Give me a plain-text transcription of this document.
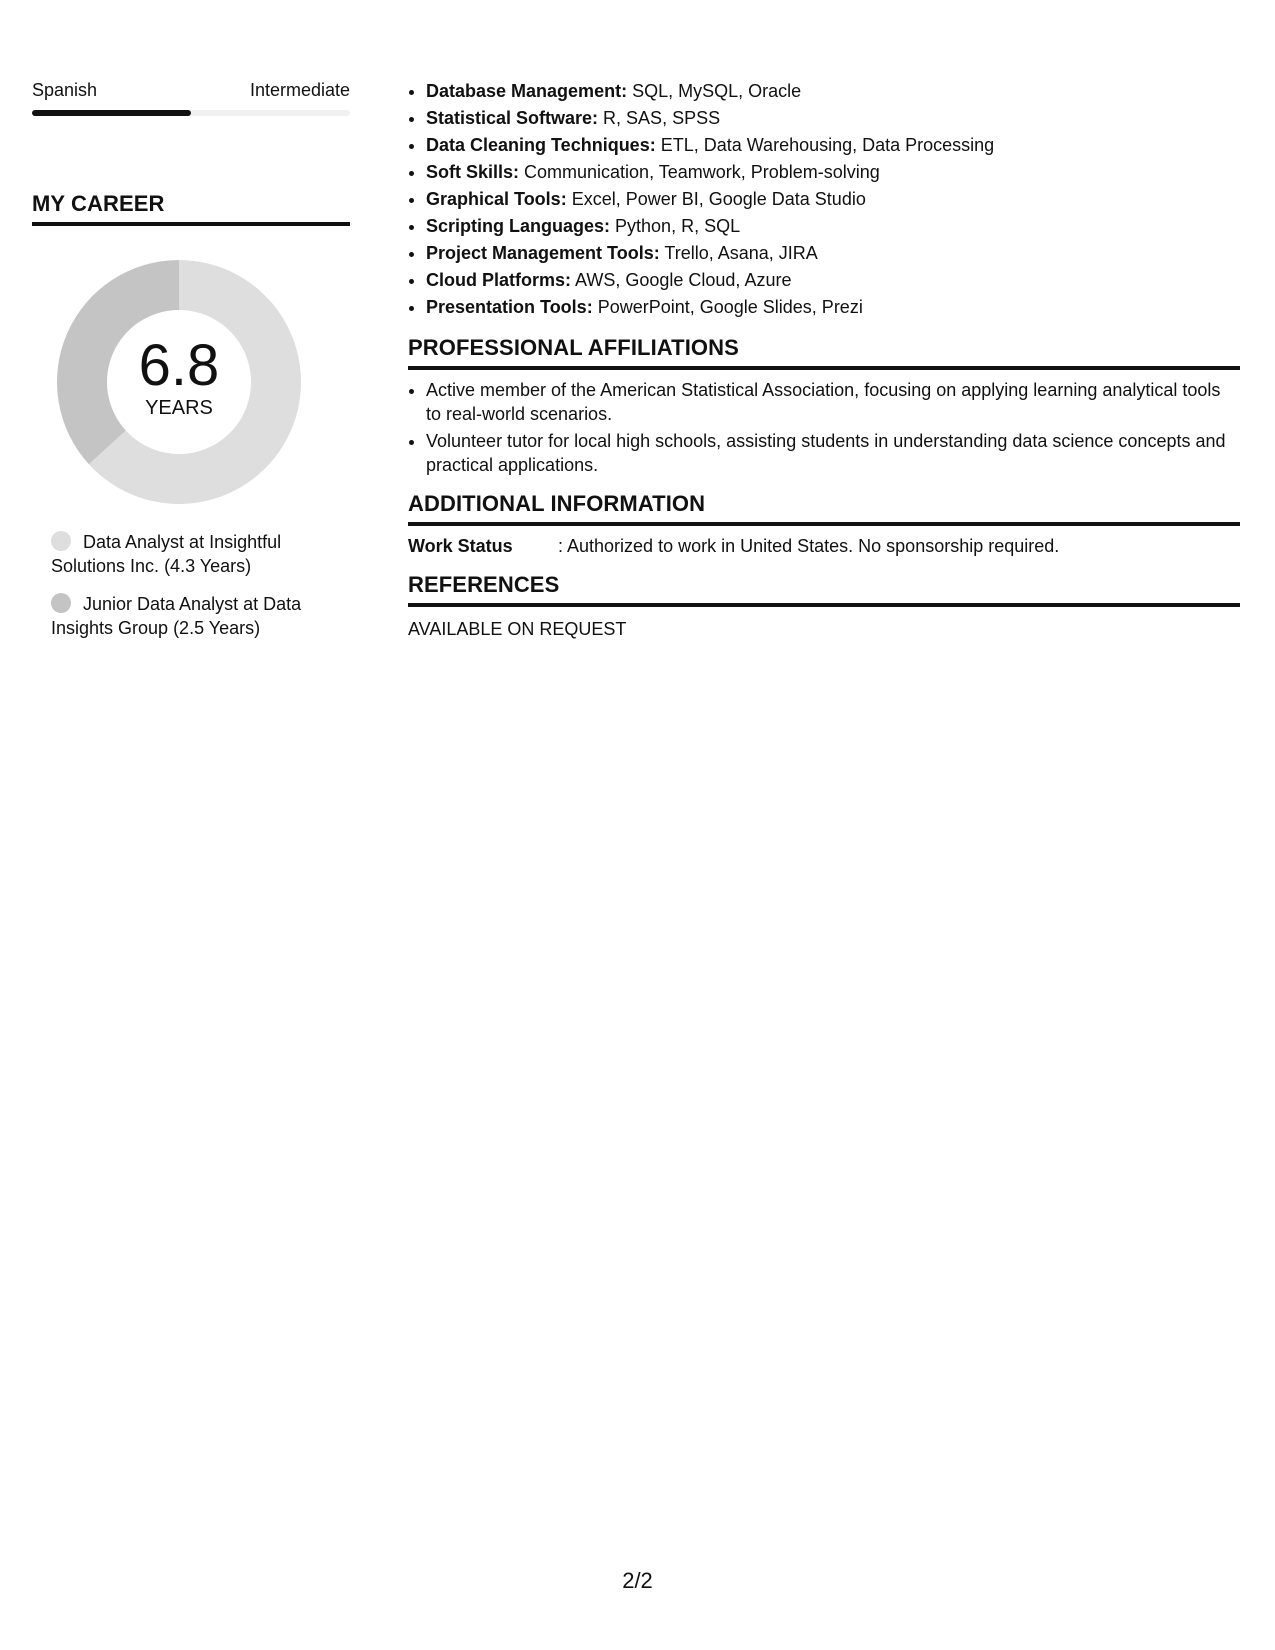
Spanish	Intermediate
MY CAREER
6.8
YEARS
Data Analyst at Insightful Solutions Inc. (4.3 Years)
Junior Data Analyst at Data Insights Group (2.5 Years)
• Database Management: SQL, MySQL, Oracle
• Statistical Software: R, SAS, SPSS
• Data Cleaning Techniques: ETL, Data Warehousing, Data Processing
• Soft Skills: Communication, Teamwork, Problem-solving
• Graphical Tools: Excel, Power BI, Google Data Studio
• Scripting Languages: Python, R, SQL
• Project Management Tools: Trello, Asana, JIRA
• Cloud Platforms: AWS, Google Cloud, Azure
• Presentation Tools: PowerPoint, Google Slides, Prezi
PROFESSIONAL AFFILIATIONS
• Active member of the American Statistical Association, focusing on applying learning analytical tools to real-world scenarios.
• Volunteer tutor for local high schools, assisting students in understanding data science concepts and practical applications.
ADDITIONAL INFORMATION
Work Status	: Authorized to work in United States. No sponsorship required.
REFERENCES
AVAILABLE ON REQUEST
2/2
